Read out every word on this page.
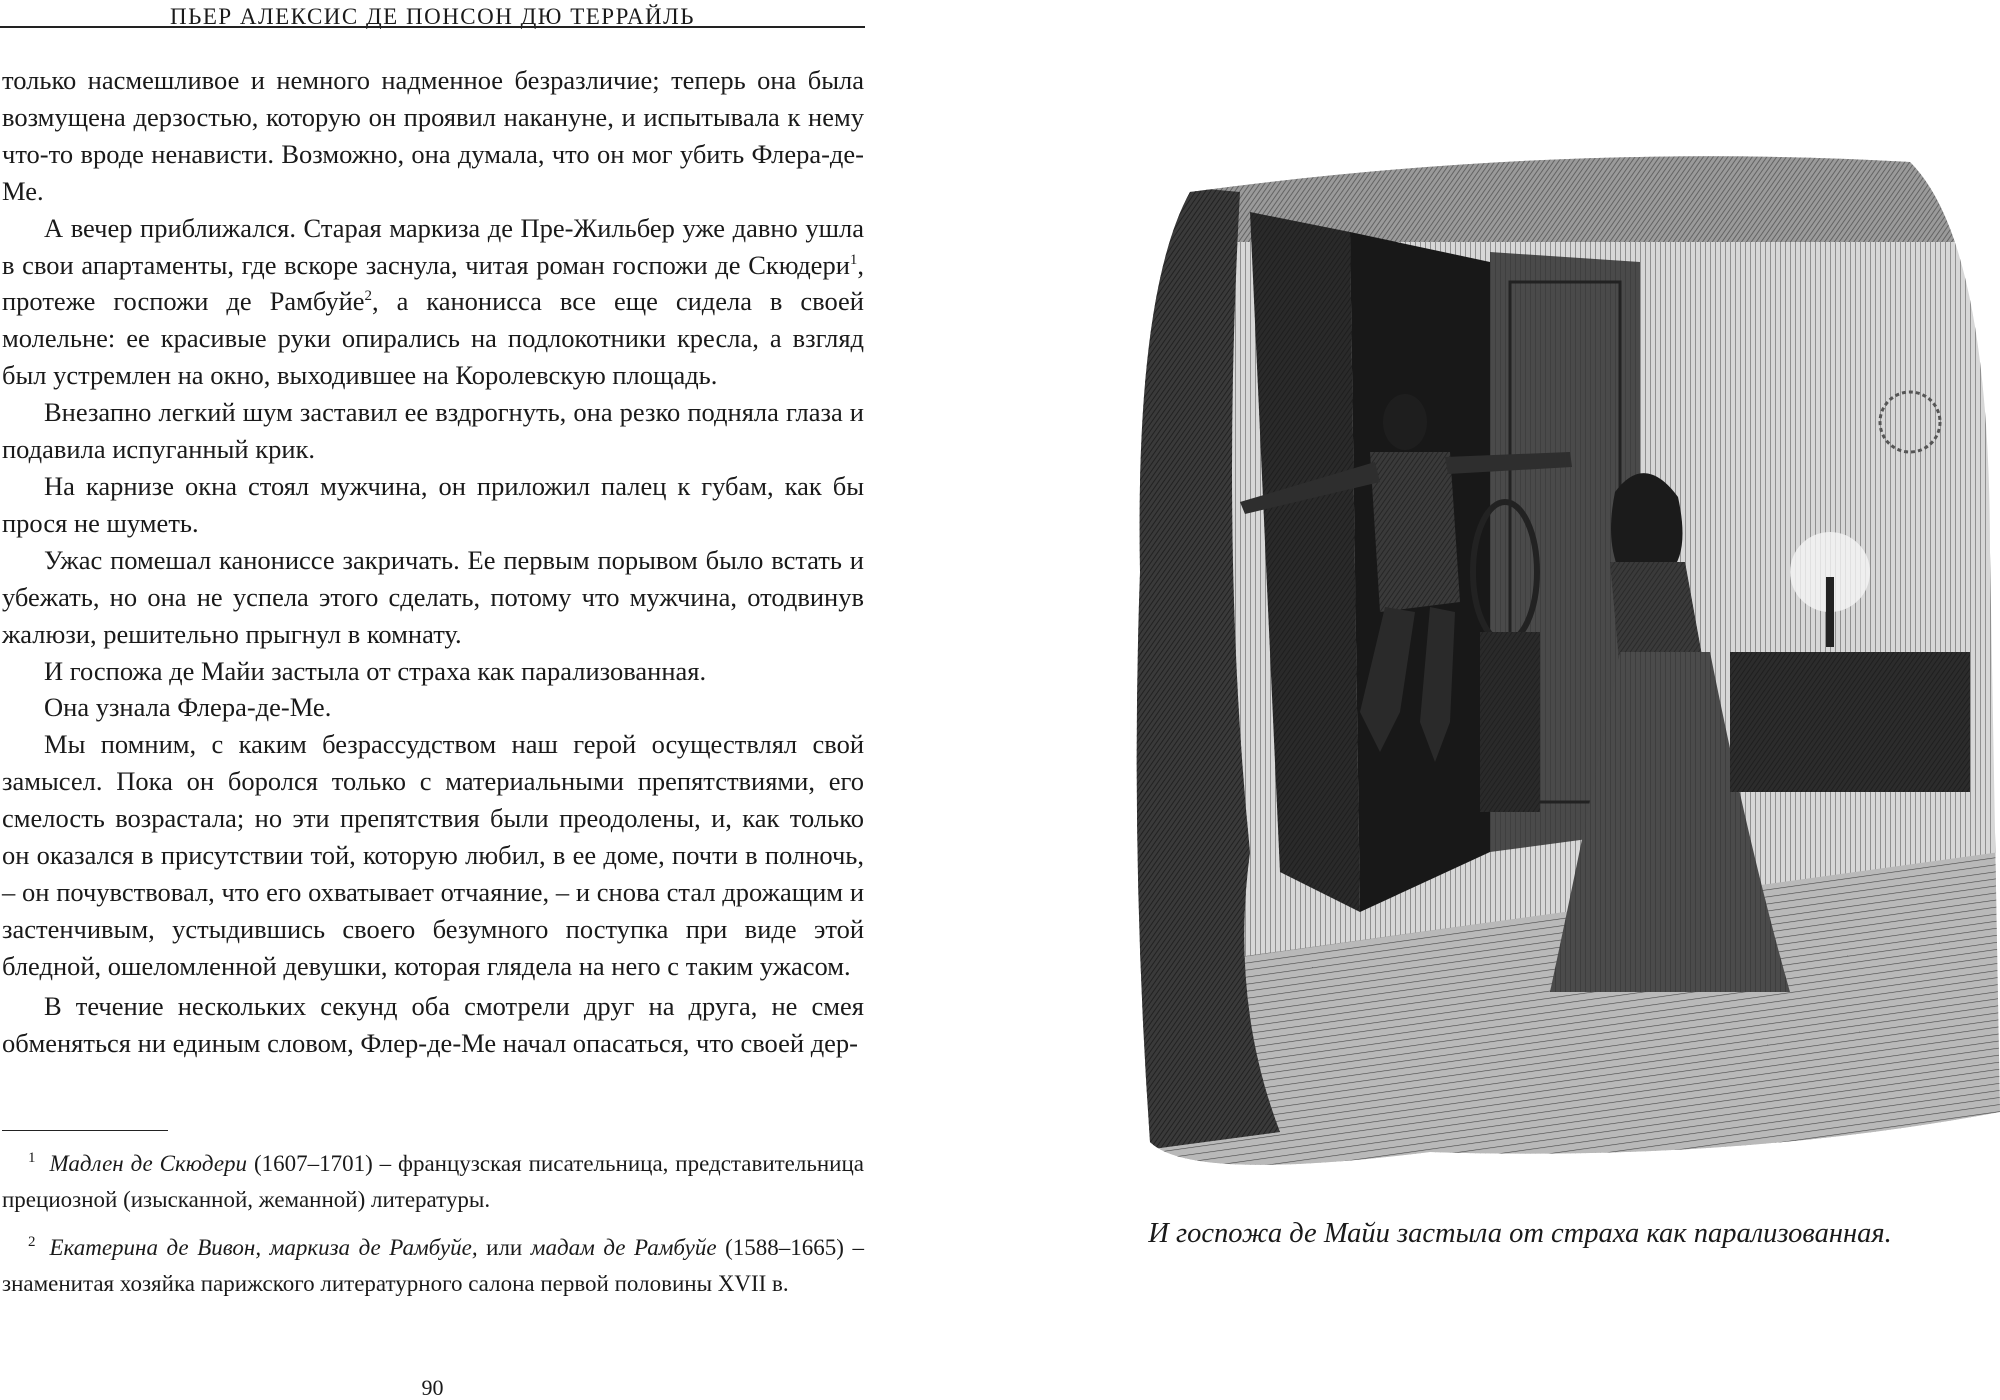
ПЬЕР АЛЕКСИС ДЕ ПОНСОН ДЮ ТЕРРАЙЛЬ

только насмешливое и немного надменное безразличие; теперь она была возмущена дерзостью, которую он проявил накануне, и испытывала к нему что-то вроде ненависти. Возможно, она думала, что он мог убить Флера-де-Ме.

А вечер приближался. Старая маркиза де Пре-Жильбер уже давно ушла в свои апартаменты, где вскоре заснула, читая роман госпожи де Скюдери$^1$, протеже госпожи де Рамбуйе$^2$, а канонисса все еще сидела в своей молельне: ее красивые руки опирались на подлокотники кресла, а взгляд был устремлен на окно, выходившее на Королевскую площадь.

Внезапно легкий шум заставил ее вздрогнуть, она резко подняла глаза и подавила испуганный крик.

На карнизе окна стоял мужчина, он приложил палец к губам, как бы прося не шуметь.

Ужас помешал канониссе закричать. Ее первым порывом было встать и убежать, но она не успела этого сделать, потому что мужчина, отодвинув жалюзи, решительно прыгнул в комнату.

И госпожа де Майи застыла от страха как парализованная.

Она узнала Флера-де-Ме.

Мы помним, с каким безрассудством наш герой осуществлял свой замысел. Пока он боролся только с материальными препятствиями, его смелость возрастала; но эти препятствия были преодолены, и, как только он оказался в присутствии той, которую любил, в ее доме, почти в полночь, – он почувствовал, что его охватывает отчаяние, – и снова стал дрожащим и застенчивым, устыдившись своего безумного поступка при виде этой бледной, ошеломленной девушки, которая глядела на него с таким ужасом.

В течение нескольких секунд оба смотрели друг на друга, не смея обменяться ни единым словом, Флер-де-Ме начал опасаться, что своей дер-

$^1$ Мадлен де Скюдери (1607–1701) – французская писательница, представительница прециозной (изысканной, жеманной) литературы.

$^2$ Екатерина де Вивон, маркиза де Рамбуйе, или мадам де Рамбуйе (1588–1665) – знаменитая хозяйка парижского литературного салона первой половины XVII в.

90
И госпожа де Майи застыла от страха как парализованная.
